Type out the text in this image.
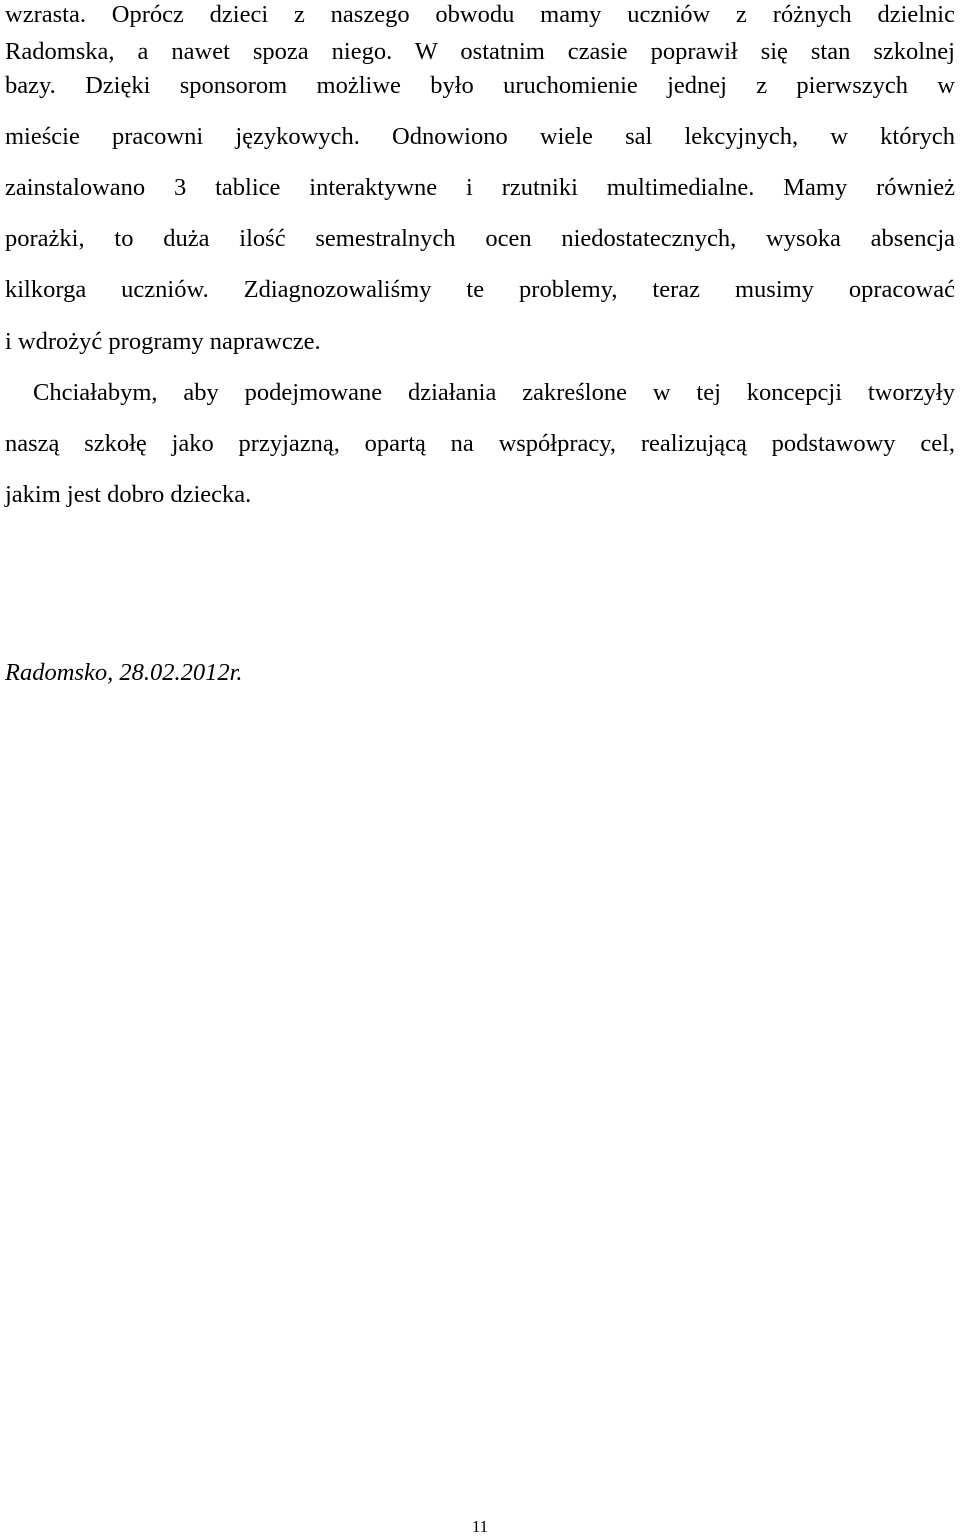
wzrasta. Oprócz dzieci z naszego obwodu mamy uczniów z różnych dzielnic
Radomska, a nawet spoza niego. W ostatnim czasie poprawił się stan szkolnej
bazy. Dzięki sponsorom możliwe było uruchomienie jednej z pierwszych w
mieście pracowni językowych. Odnowiono wiele sal lekcyjnych, w których
zainstalowano 3 tablice interaktywne i rzutniki multimedialne. Mamy również
porażki, to duża ilość semestralnych ocen niedostatecznych, wysoka absencja
kilkorga uczniów. Zdiagnozowaliśmy te problemy, teraz musimy opracować
i wdrożyć programy naprawcze.
Chciałabym, aby podejmowane działania zakreślone w tej koncepcji tworzyły
naszą szkołę jako przyjazną, opartą na współpracy, realizującą podstawowy cel,
jakim jest dobro dziecka.
Radomsko, 28.02.2012r.
11
